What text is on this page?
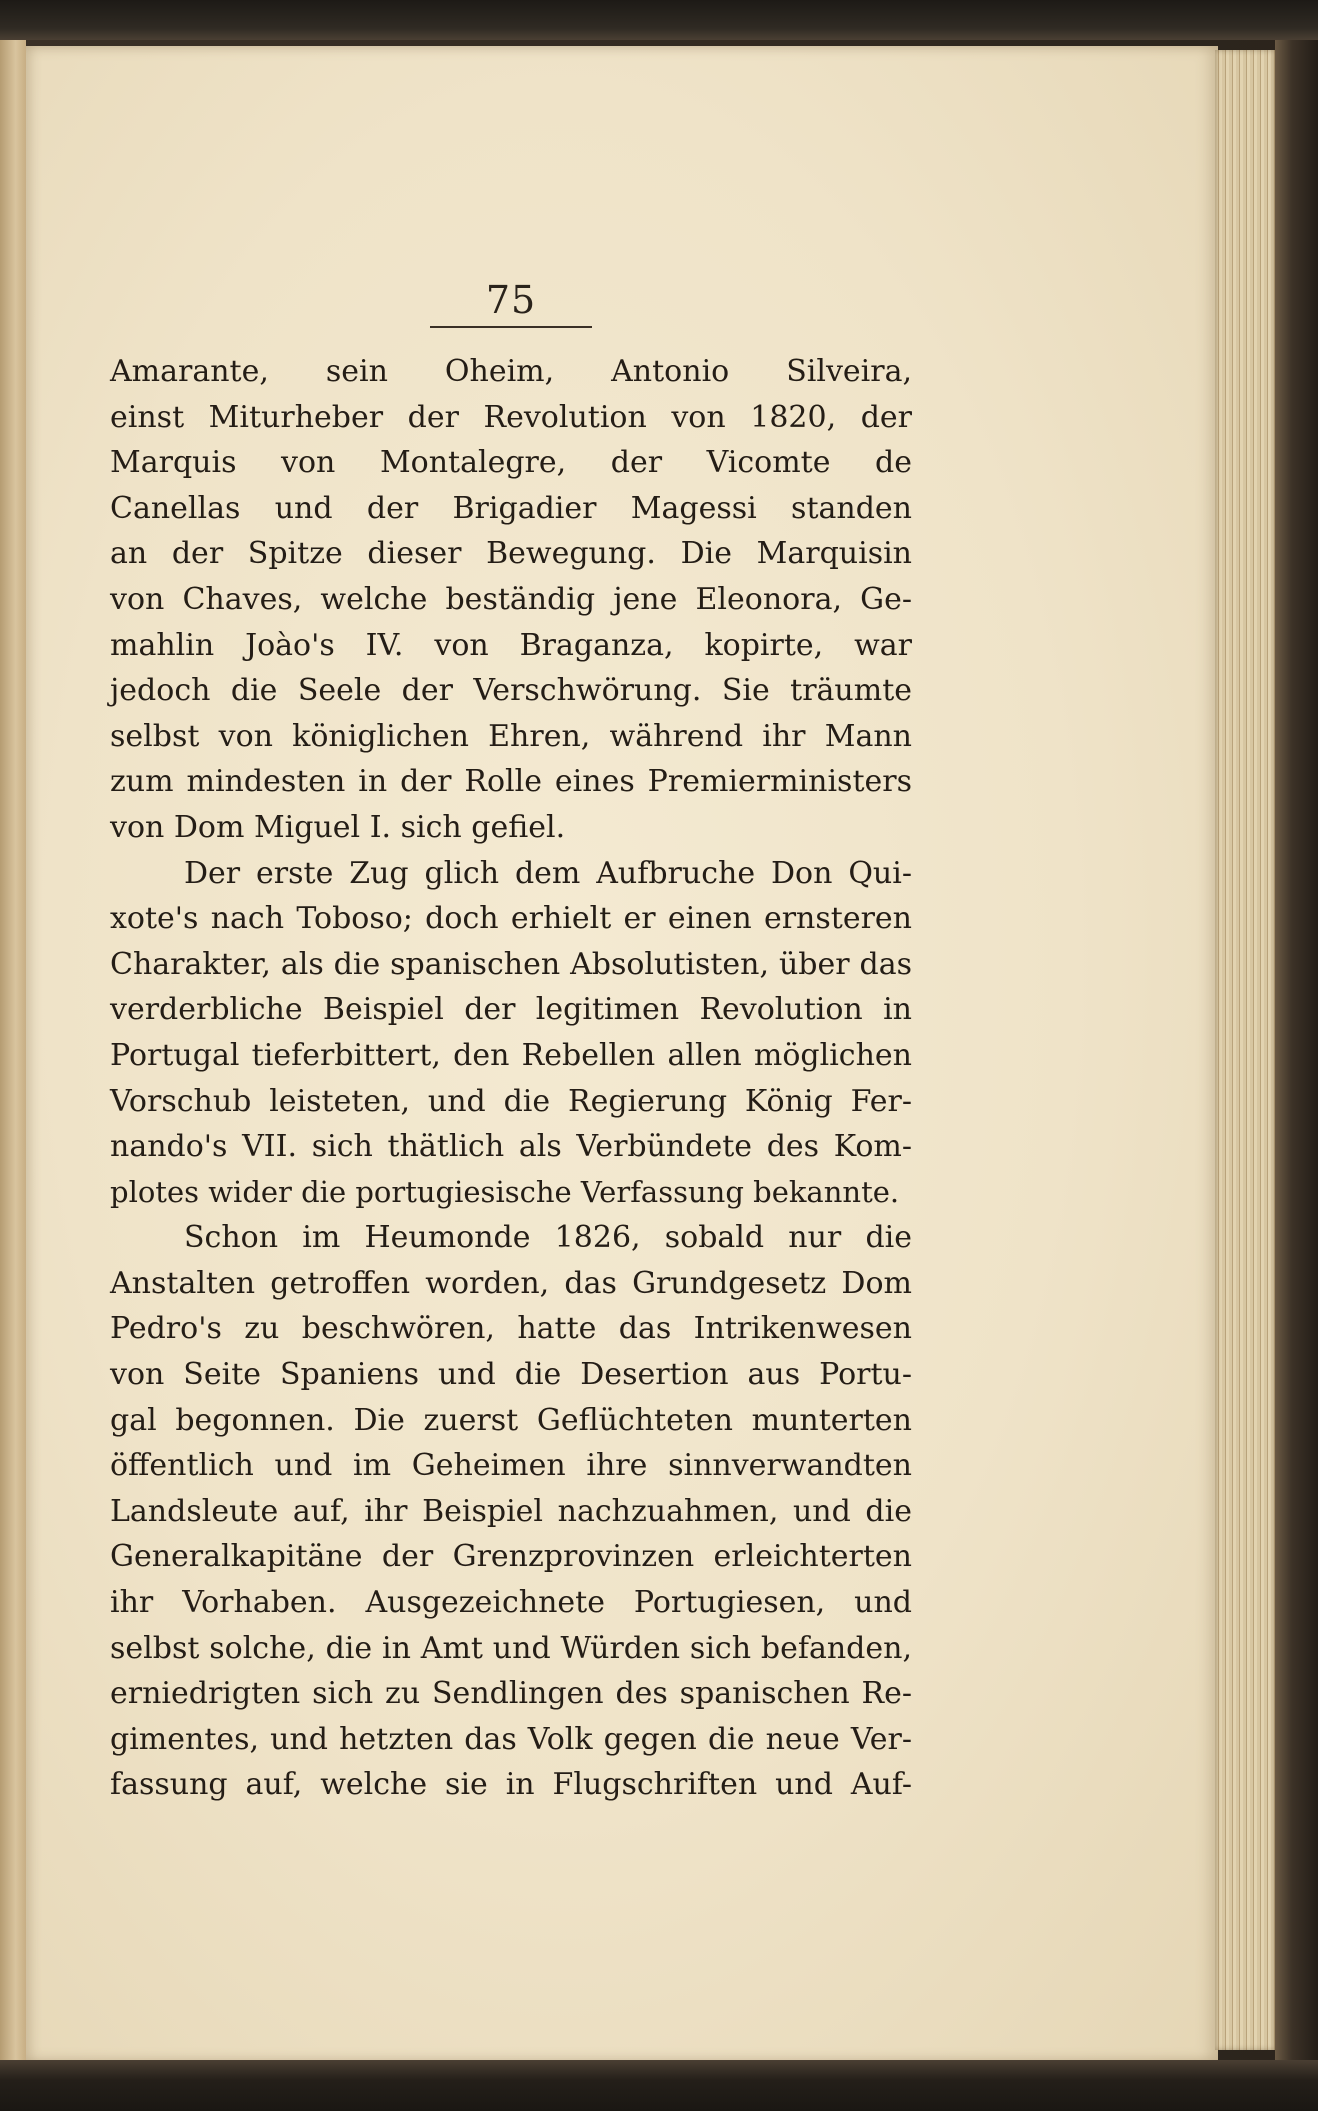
75
Amarante, sein Oheim, Antonio Silveira,
einst Miturheber der Revolution von 1820, der
Marquis von Montalegre, der Vicomte de
Canellas und der Brigadier Magessi standen
an der Spitze dieser Bewegung. Die Marquisin
von Chaves, welche beständig jene Eleonora, Ge-
mahlin Joào's IV. von Braganza, kopirte, war
jedoch die Seele der Verschwörung. Sie träumte
selbst von königlichen Ehren, während ihr Mann
zum mindesten in der Rolle eines Premierministers
von Dom Miguel I. sich gefiel.
Der erste Zug glich dem Aufbruche Don Qui-
xote's nach Toboso; doch erhielt er einen ernsteren
Charakter, als die spanischen Absolutisten, über das
verderbliche Beispiel der legitimen Revolution in
Portugal tieferbittert, den Rebellen allen möglichen
Vorschub leisteten, und die Regierung König Fer-
nando's VII. sich thätlich als Verbündete des Kom-
plotes wider die portugiesische Verfassung bekannte.
Schon im Heumonde 1826, sobald nur die
Anstalten getroffen worden, das Grundgesetz Dom
Pedro's zu beschwören, hatte das Intrikenwesen
von Seite Spaniens und die Desertion aus Portu-
gal begonnen. Die zuerst Geflüchteten munterten
öffentlich und im Geheimen ihre sinnverwandten
Landsleute auf, ihr Beispiel nachzuahmen, und die
Generalkapitäne der Grenzprovinzen erleichterten
ihr Vorhaben. Ausgezeichnete Portugiesen, und
selbst solche, die in Amt und Würden sich befanden,
erniedrigten sich zu Sendlingen des spanischen Re-
gimentes, und hetzten das Volk gegen die neue Ver-
fassung auf, welche sie in Flugschriften und Auf-
